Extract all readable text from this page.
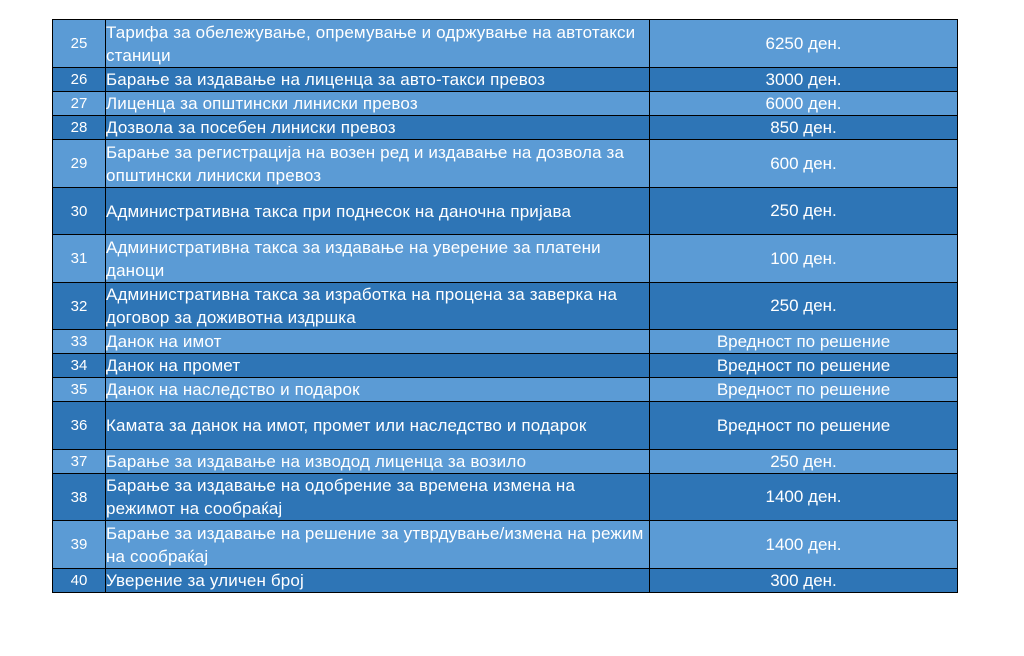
25	Тарифа за обележување, опремување и одржување на автотакси станици	6250 ден.
26	Барање за издавање на лиценца за авто-такси превоз	3000 ден.
27	Лиценца за општински линиски превоз	6000 ден.
28	Дозвола за посебен линиски превоз	850 ден.
29	Барање за регистрација на возен ред и издавање на дозвола за општински линиски превоз	600 ден.
30	Административна такса при поднесок на даночна пријава	250 ден.
31	Административна такса за издавање на уверение за платени даноци	100 ден.
32	Административна такса за изработка на процена за заверка на договор за доживотна издршка	250 ден.
33	Данок на имот	Вредност по решение
34	Данок на промет	Вредност по решение
35	Данок на наследство и подарок	Вредност по решение
36	Камата за данок на имот, промет или наследство и подарок	Вредност по решение
37	Барање за издавање на изводод лиценца за возило	250 ден.
38	Барање за издавање на одобрение за времена измена на режимот на сообраќај	1400 ден.
39	Барање за издавање на решение за утврдување/измена на режим на сообраќај	1400 ден.
40	Уверение за уличен број	300 ден.
